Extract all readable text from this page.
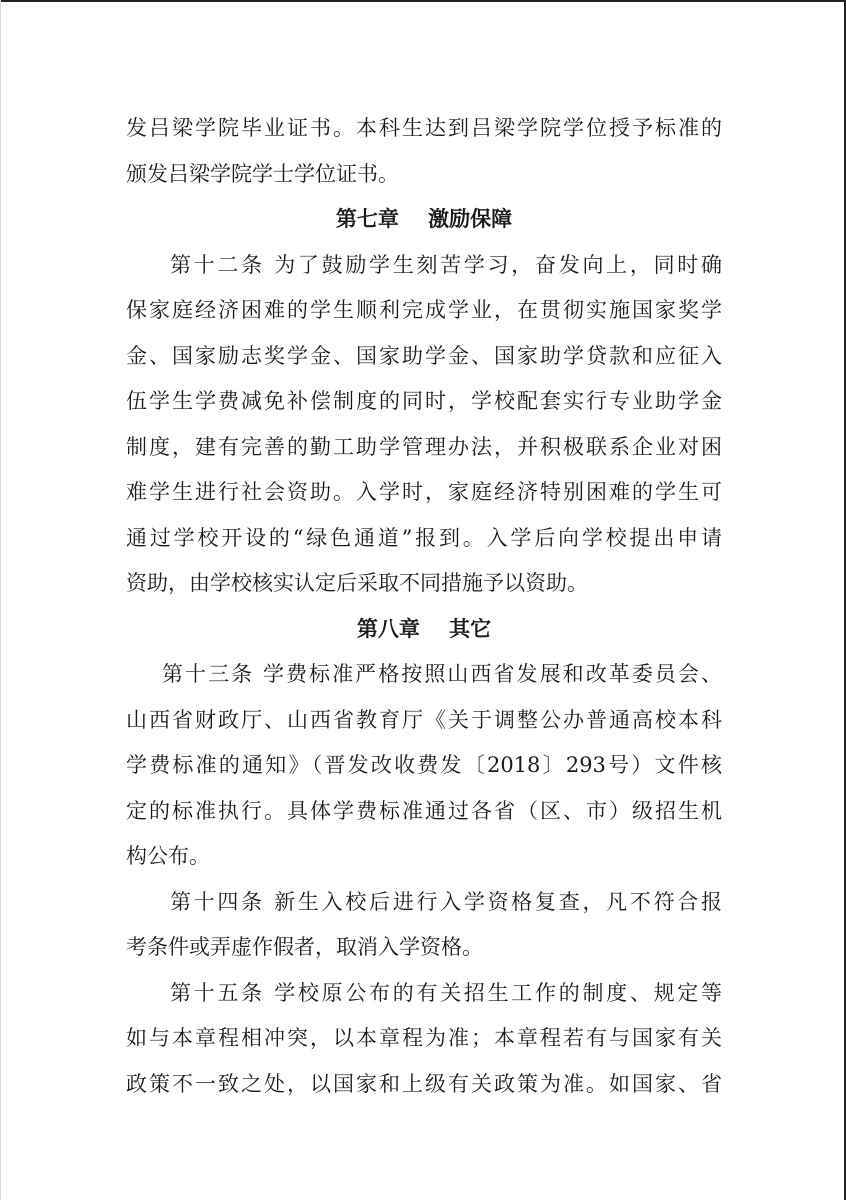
发吕梁学院毕业证书。本科生达到吕梁学院学位授予标准的
颁发吕梁学院学士学位证书。
第七章    激励保障
第十二条 为了鼓励学生刻苦学习，奋发向上，同时确
保家庭经济困难的学生顺利完成学业，在贯彻实施国家奖学
金、国家励志奖学金、国家助学金、国家助学贷款和应征入
伍学生学费减免补偿制度的同时，学校配套实行专业助学金
制度，建有完善的勤工助学管理办法，并积极联系企业对困
难学生进行社会资助。入学时，家庭经济特别困难的学生可
通过学校开设的“绿色通道”报到。入学后向学校提出申请
资助，由学校核实认定后采取不同措施予以资助。
第八章    其它
第十三条 学费标准严格按照山西省发展和改革委员会、
山西省财政厅、山西省教育厅《关于调整公办普通高校本科
学费标准的通知》（晋发改收费发〔2018〕293号）文件核
定的标准执行。具体学费标准通过各省（区、市）级招生机
构公布。
第十四条 新生入校后进行入学资格复查，凡不符合报
考条件或弄虚作假者，取消入学资格。
第十五条 学校原公布的有关招生工作的制度、规定等
如与本章程相冲突，以本章程为准；本章程若有与国家有关
政策不一致之处，以国家和上级有关政策为准。如国家、省
